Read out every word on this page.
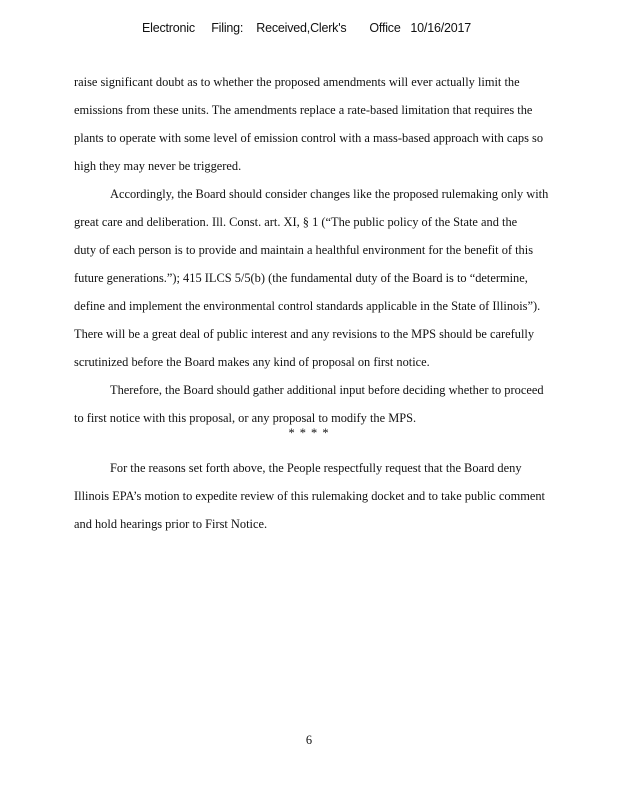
Electronic     Filing:    Received,Clerk's       Office   10/16/2017
raise significant doubt as to whether the proposed amendments will ever actually limit the
emissions from these units. The amendments replace a rate-based limitation that requires the
plants to operate with some level of emission control with a mass-based approach with caps so
high they may never be triggered.
Accordingly, the Board should consider changes like the proposed rulemaking only with
great care and deliberation. Ill. Const. art. XI, § 1 (“The public policy of the State and the
duty of each person is to provide and maintain a healthful environment for the benefit of this
future generations.”); 415 ILCS 5/5(b) (the fundamental duty of the Board is to “determine,
define and implement the environmental control standards applicable in the State of Illinois”).
There will be a great deal of public interest and any revisions to the MPS should be carefully
scrutinized before the Board makes any kind of proposal on first notice.
Therefore, the Board should gather additional input before deciding whether to proceed
to first notice with this proposal, or any proposal to modify the MPS.
* * * *
For the reasons set forth above, the People respectfully request that the Board deny
Illinois EPA’s motion to expedite review of this rulemaking docket and to take public comment
and hold hearings prior to First Notice.
6
